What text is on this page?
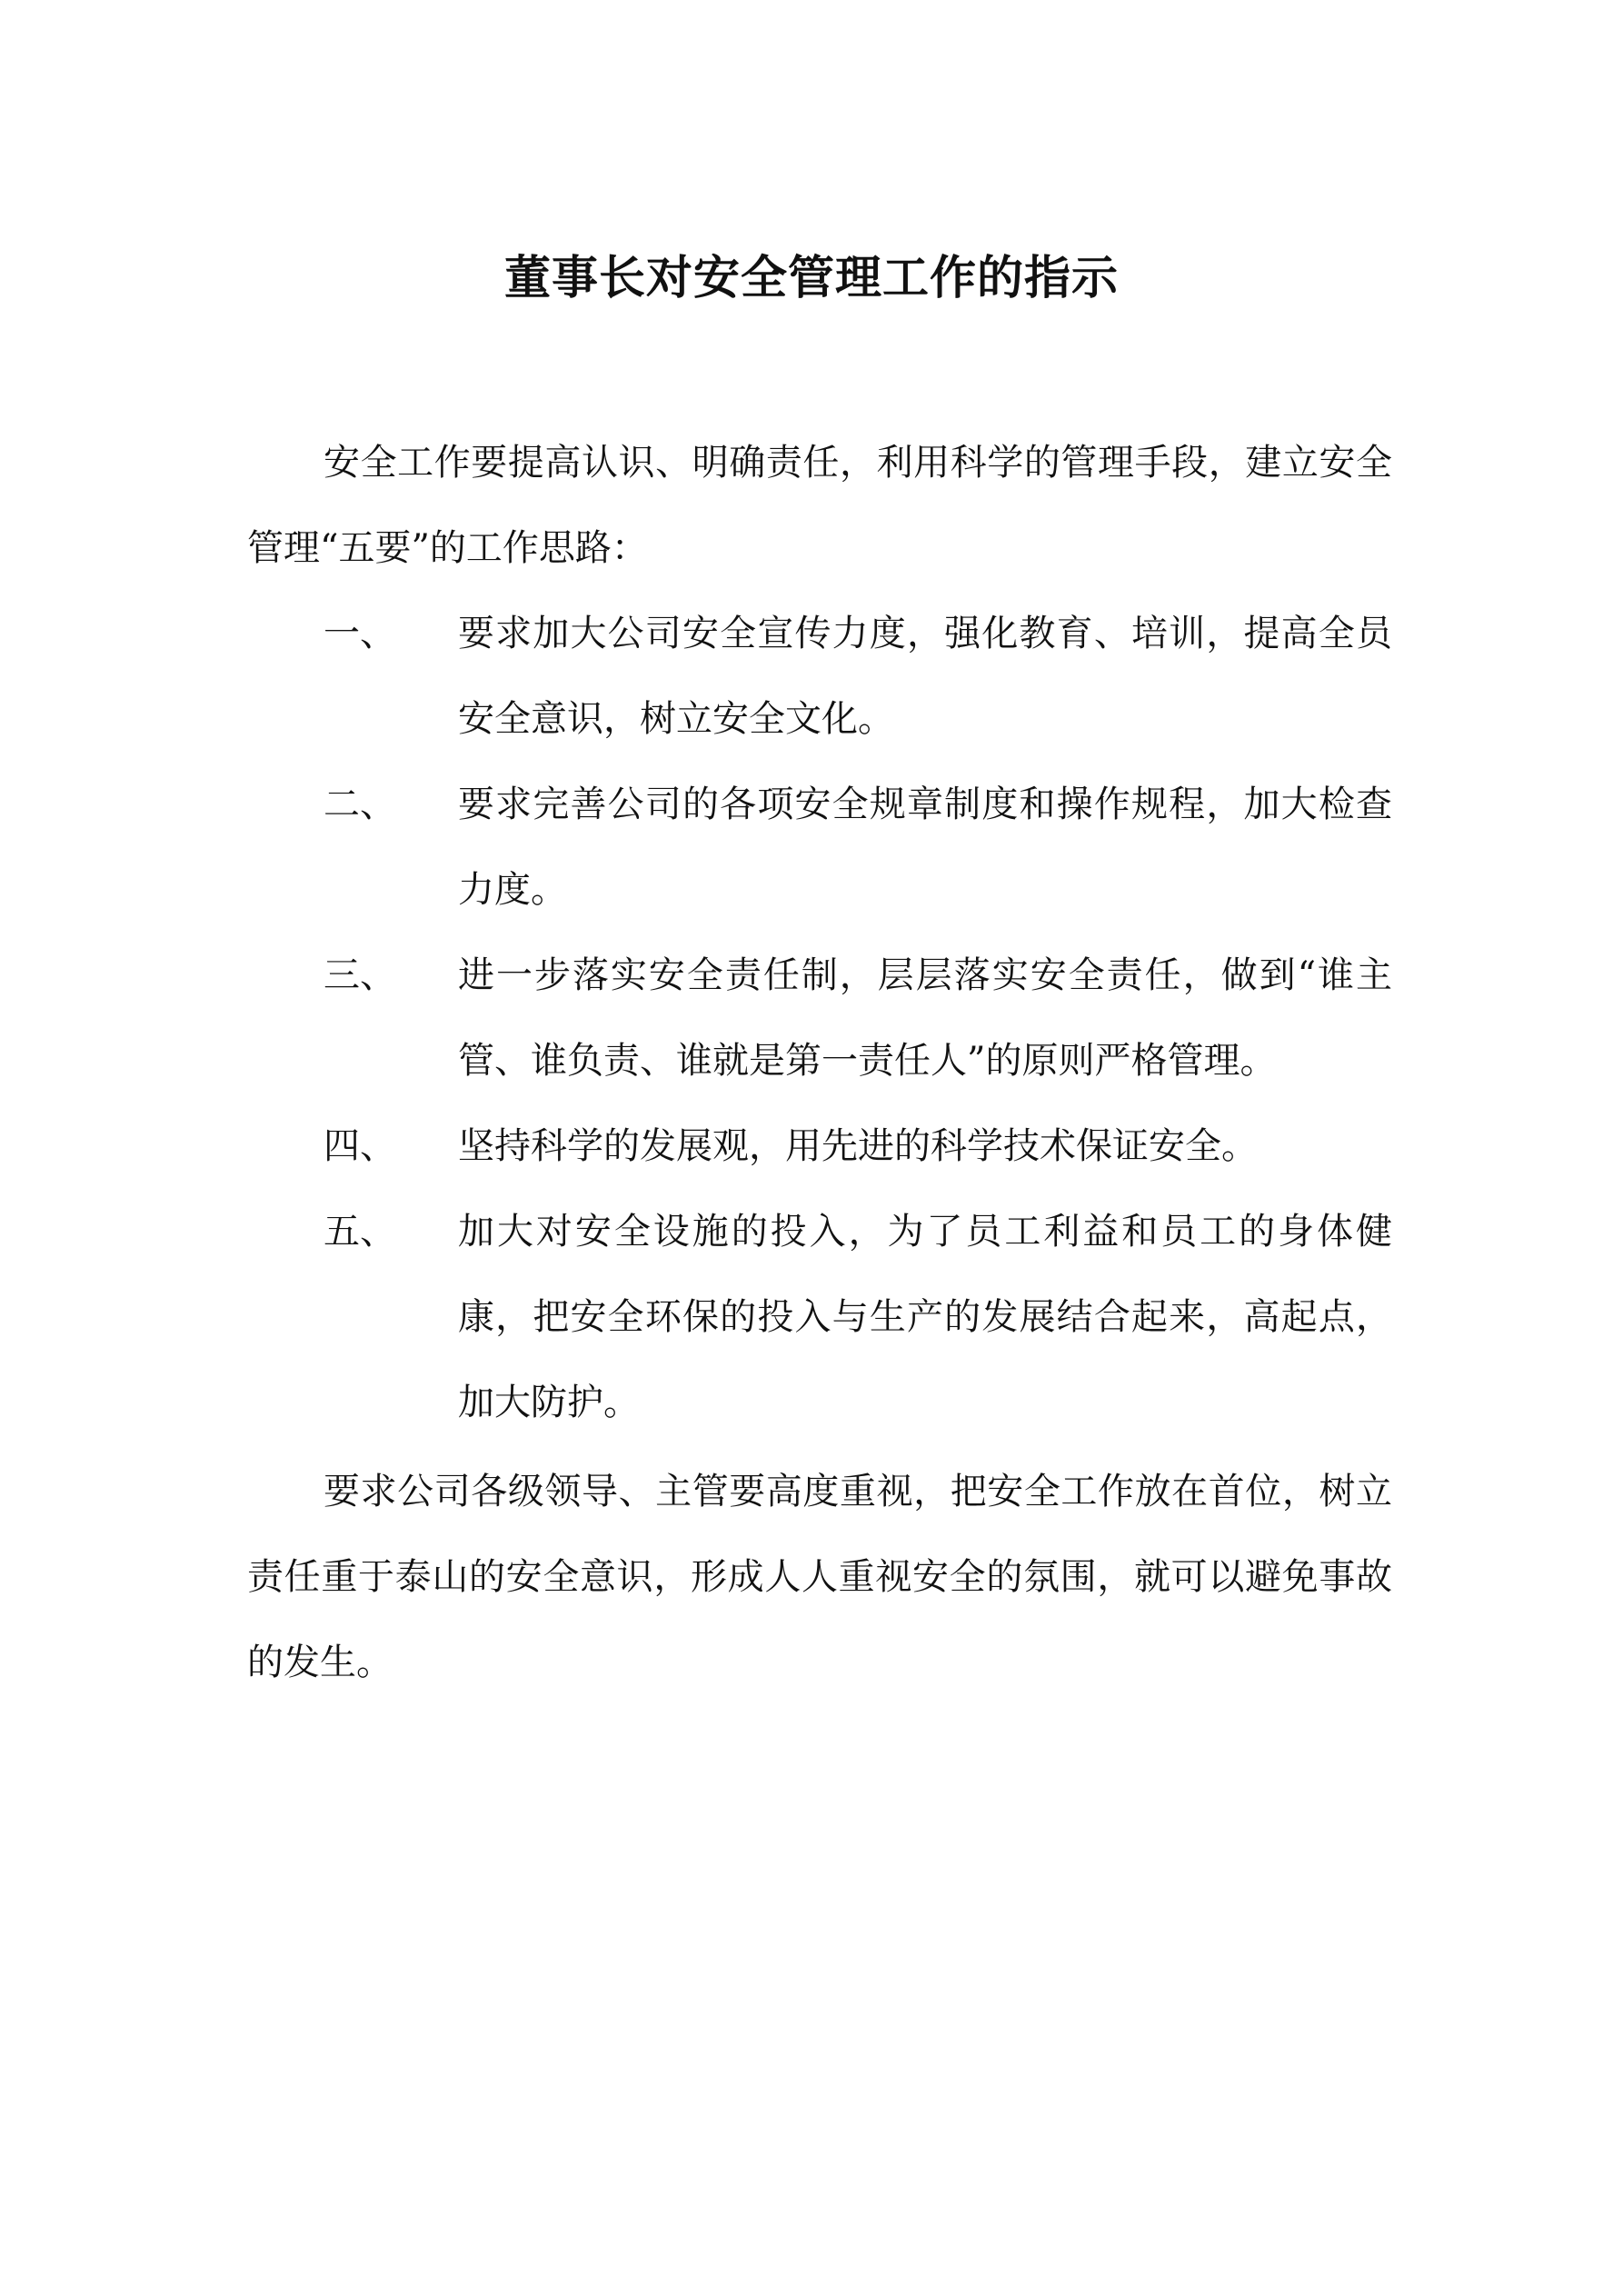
董事长对安全管理工作的指示

安全工作要提高认识、明确责任，利用科学的管理手段，建立安全管理“五要”的工作思路：

一、 要求加大公司安全宣传力度，强化教育、培训，提高全员安全意识，树立安全文化。
二、 要求完善公司的各项安全规章制度和操作规程，加大检查力度。
三、 进一步落实安全责任制，层层落实安全责任，做到“谁主管、谁负责、谁就是第一责任人”的原则严格管理。
四、 坚持科学的发展观，用先进的科学技术保证安全。
五、 加大对安全设施的投入，为了员工利益和员工的身体健康，把安全环保的投入与生产的发展结合起来，高起点，加大防护。

要求公司各级领导、主管要高度重视，把安全工作放在首位，树立责任重于泰山的安全意识，形成人人重视安全的氛围，就可以避免事故的发生。
